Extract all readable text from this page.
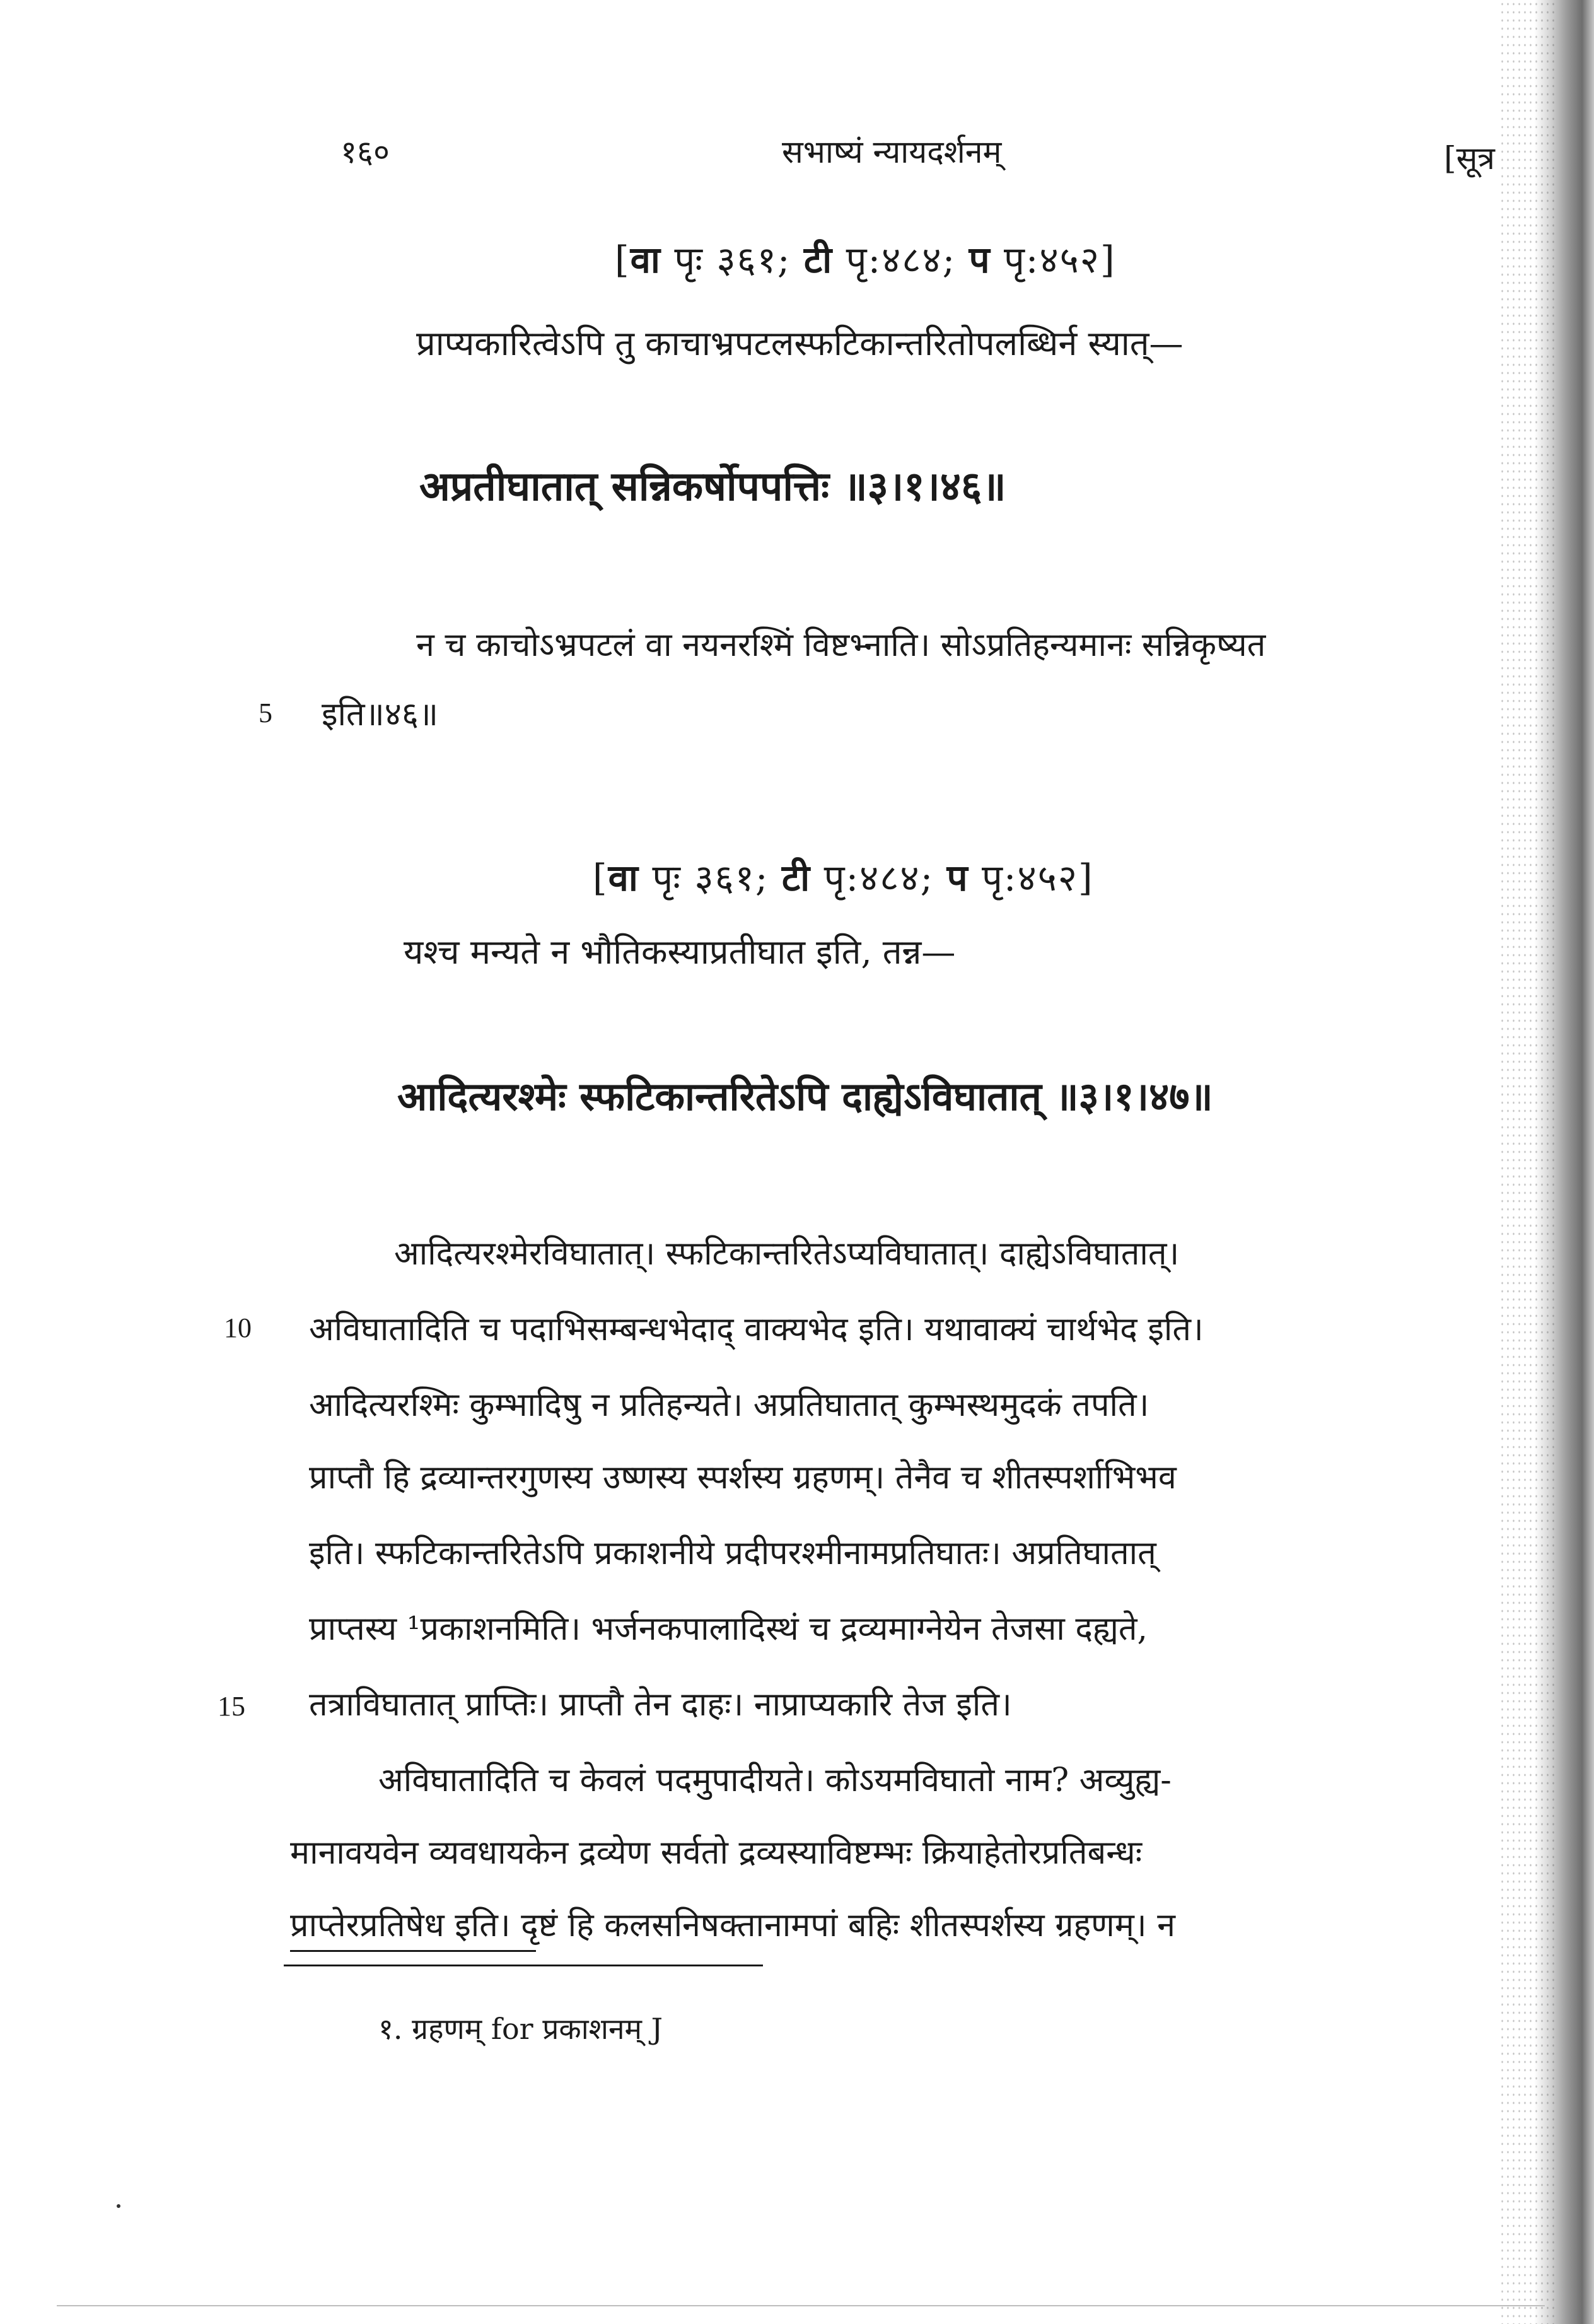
१६०	सभाष्यं न्यायदर्शनम्	[सूत्र
[वा पृः ३६१; टी पृ:४८४; प पृ:४५२]
प्राप्यकारित्वेऽपि तु काचाभ्रपटलस्फटिकान्तरितोपलब्धिर्न स्यात्—
अप्रतीघातात् सन्निकर्षोपपत्तिः ॥३।१।४६॥
न च काचोऽभ्रपटलं वा नयनरश्मिं विष्टभ्नाति। सोऽप्रतिहन्यमानः सन्निकृष्यत
5 इति॥४६॥
[वा पृः ३६१; टी पृ:४८४; प पृ:४५२]
यश्च मन्यते न भौतिकस्याप्रतीघात इति, तन्न—
आदित्यरश्मेः स्फटिकान्तरितेऽपि दाह्येऽविघातात् ॥३।१।४७॥
आदित्यरश्मेरविघातात्। स्फटिकान्तरितेऽप्यविघातात्। दाह्येऽविघातात्।
10 अविघातादिति च पदाभिसम्बन्धभेदाद् वाक्यभेद इति। यथावाक्यं चार्थभेद इति।
आदित्यरश्मिः कुम्भादिषु न प्रतिहन्यते। अप्रतिघातात् कुम्भस्थमुदकं तपति।
प्राप्तौ हि द्रव्यान्तरगुणस्य उष्णस्य स्पर्शस्य ग्रहणम्। तेनैव च शीतस्पर्शाभिभव
इति। स्फटिकान्तरितेऽपि प्रकाशनीये प्रदीपरश्मीनामप्रतिघातः। अप्रतिघातात्
प्राप्तस्य ¹प्रकाशनमिति। भर्जनकपालादिस्थं च द्रव्यमाग्नेयेन तेजसा दह्यते,
15 तत्राविघातात् प्राप्तिः। प्राप्तौ तेन दाहः। नाप्राप्यकारि तेज इति।
अविघातादिति च केवलं पदमुपादीयते। कोऽयमविघातो नाम? अव्युह्य-
मानावयवेन व्यवधायकेन द्रव्येण सर्वतो द्रव्यस्याविष्टम्भः क्रियाहेतोरप्रतिबन्धः
प्राप्तेरप्रतिषेध इति। दृष्टं हि कलसनिषक्तानामपां बहिः शीतस्पर्शस्य ग्रहणम्। न
१. ग्रहणम् for प्रकाशनम् J
